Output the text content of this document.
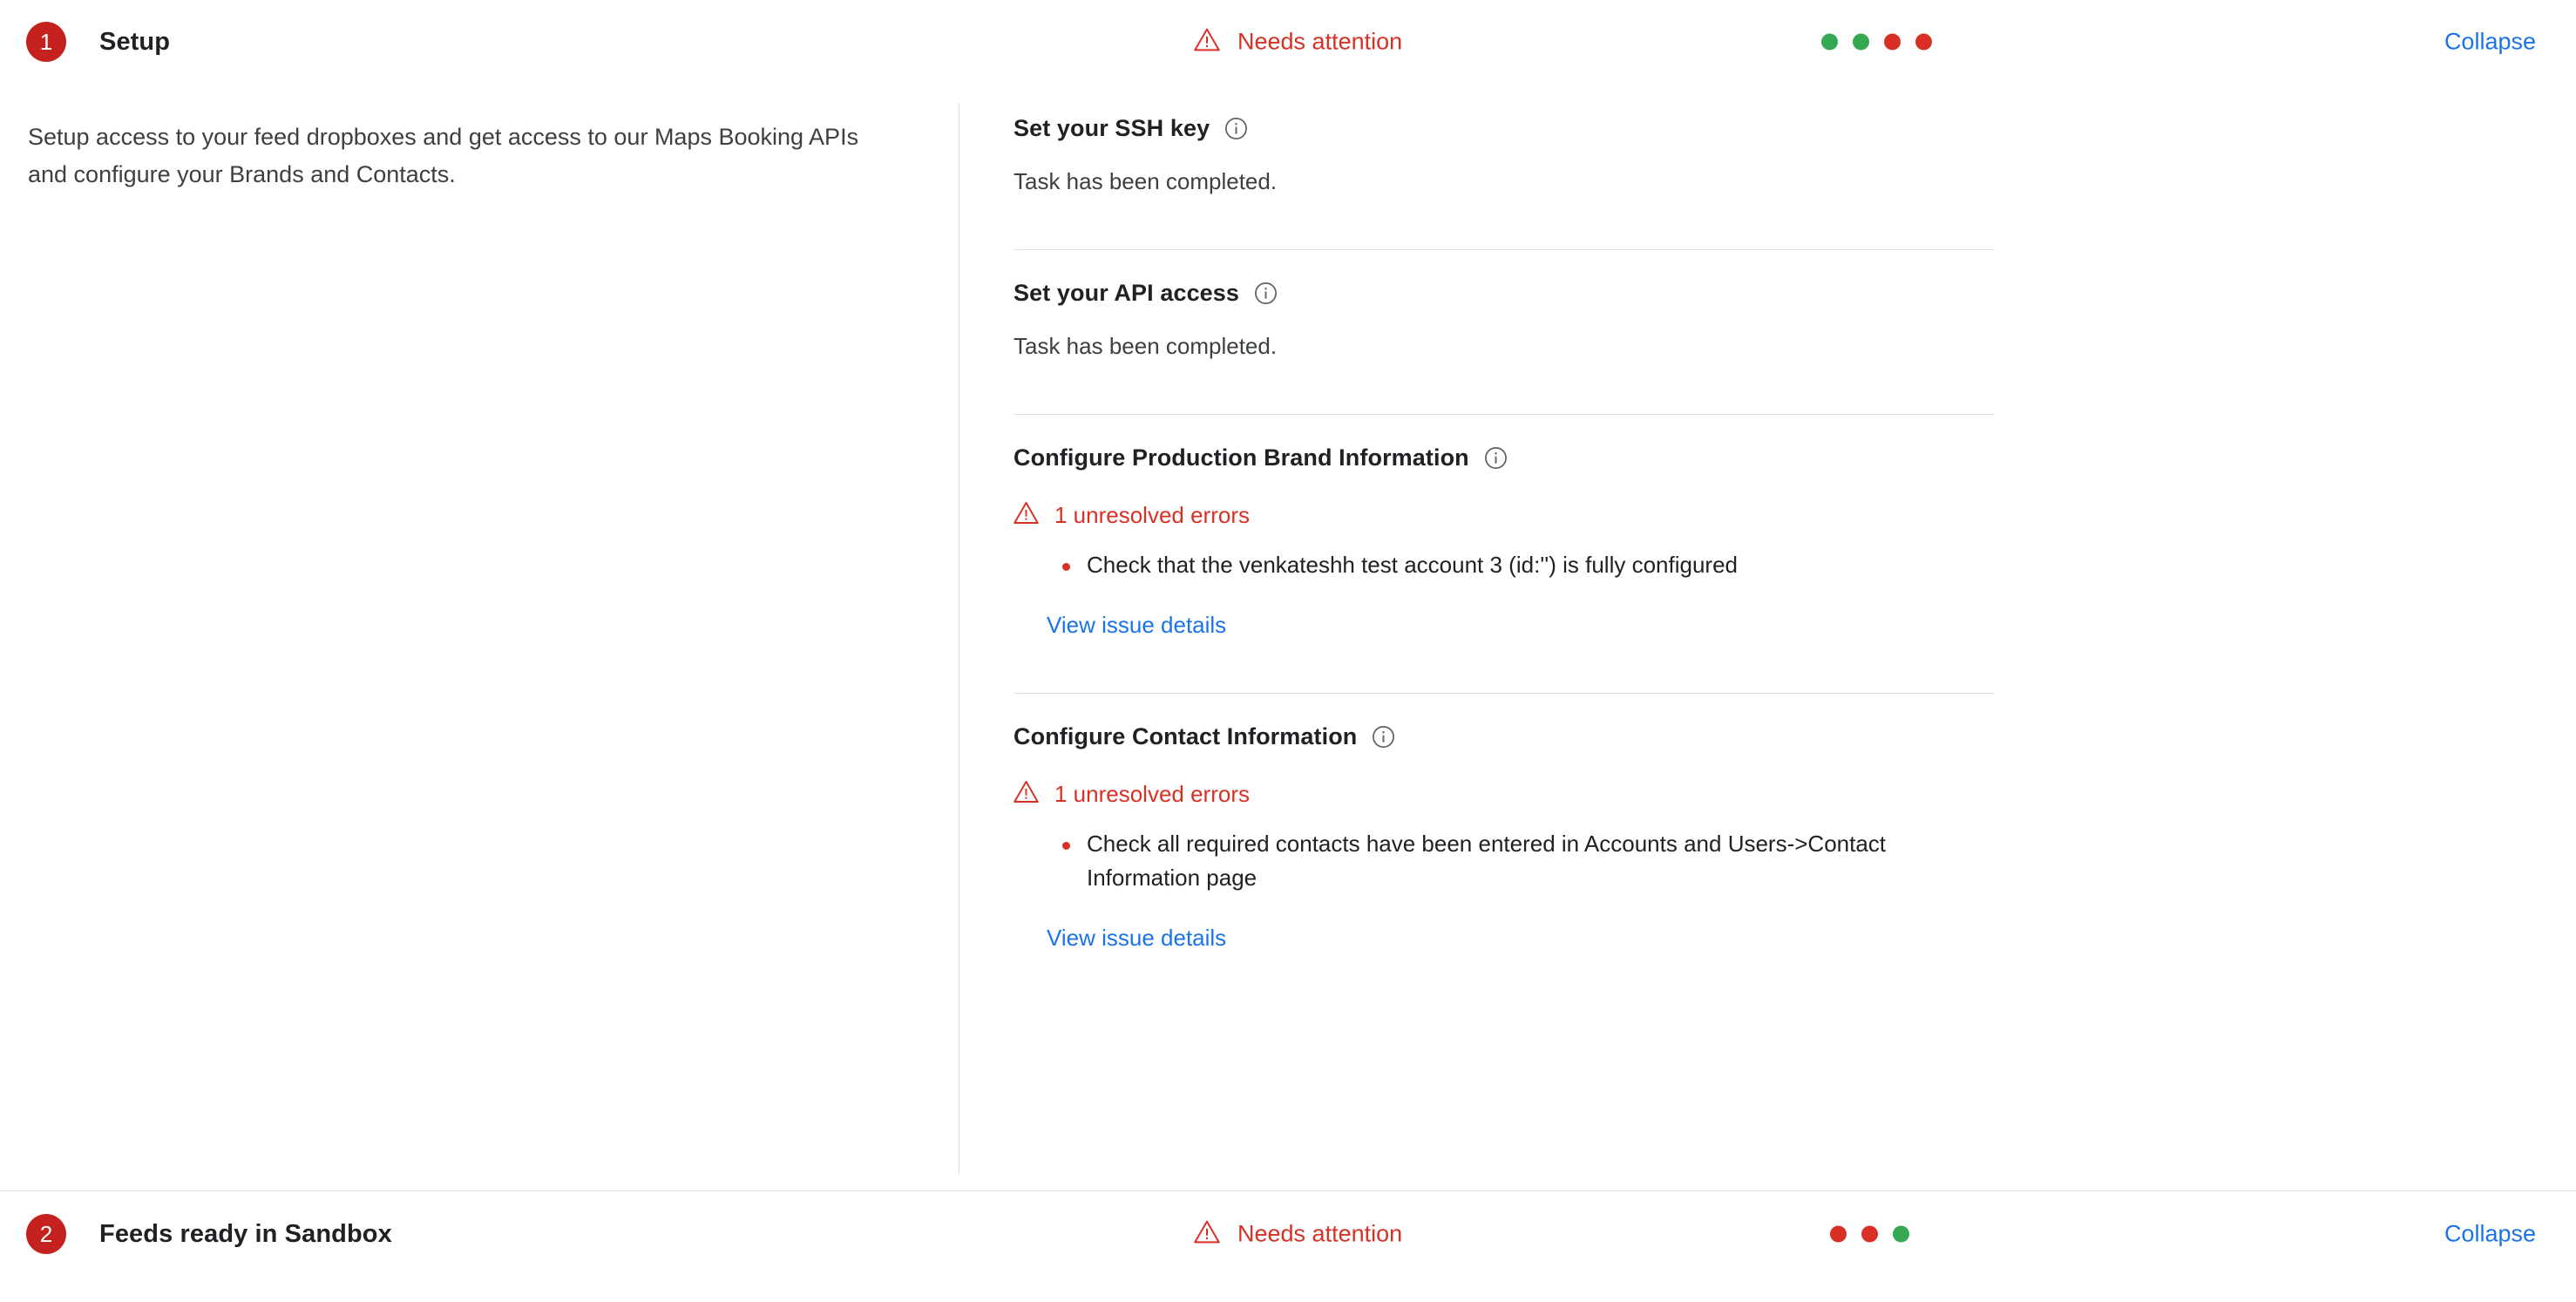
1	Setup	Needs attention	Collapse
Setup access to your feed dropboxes and get access to our Maps Booking APIs and configure your Brands and Contacts.
Set your SSH key
Task has been completed.
Set your API access
Task has been completed.
Configure Production Brand Information
1 unresolved errors
Check that the venkateshh test account 3 (id:'') is fully configured
View issue details
Configure Contact Information
1 unresolved errors
Check all required contacts have been entered in Accounts and Users->Contact Information page
View issue details
2	Feeds ready in Sandbox	Needs attention	Collapse
